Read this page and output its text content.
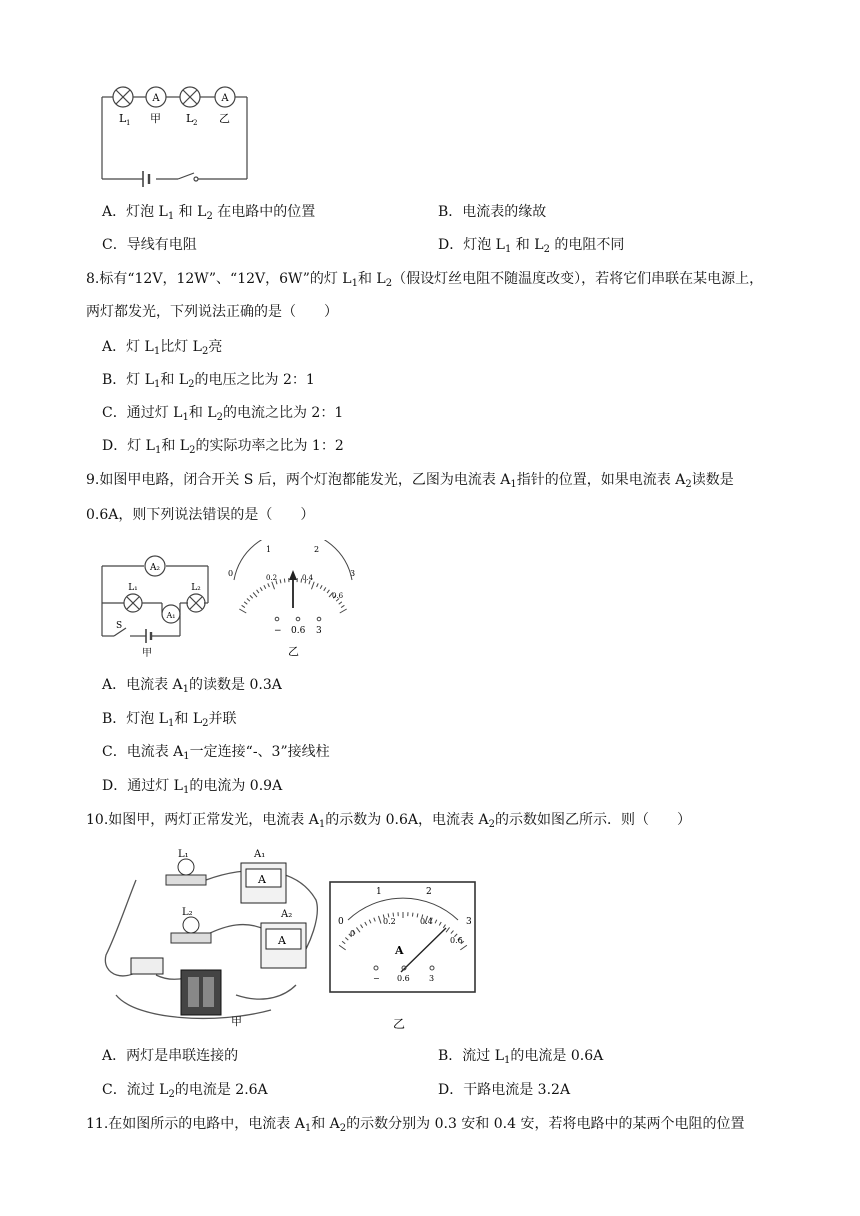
A	A
L 1 甲 L 2 乙
A．灯泡 $L_1$ 和 $L_2$ 在电路中的位置	B．电流表的缘故
C．导线有电阻	D．灯泡 $L_1$ 和 $L_2$ 的电阻不同
8.标有“12V，12W”、“12V，6W”的灯 $L_1$和 $L_2$（假设灯丝电阻不随温度改变），若将它们串联在某电源上，
两灯都发光，下列说法正确的是（　　）
A．灯 $L_1$比灯 $L_2$亮
B．灯 $L_1$和 $L_2$的电压之比为 2：1
C．通过灯 $L_1$和 $L_2$的电流之比为 2：1
D．灯 $L_1$和 $L_2$的实际功率之比为 1：2
9.如图甲电路，闭合开关 S 后，两个灯泡都能发光，乙图为电流表 $A_1$指针的位置，如果电流表 $A_2$读数是
0.6A，则下列说法错误的是（　　）
A₂
L₁	L₂
A₁
S
甲
0
1	2
3
0.2	0.4
0.6
− 0.6 3
乙
A．电流表 $A_1$的读数是 0.3A
B．灯泡 $L_1$和 $L_2$并联
C．电流表 $A_1$一定连接“-、3”接线柱
D．通过灯 $L_1$的电流为 0.9A
10.如图甲，两灯正常发光，电流表 $A_1$的示数为 0.6A，电流表 $A_2$的示数如图乙所示．则（　　）
L₁
L₂
A
A₁
A
A₂
甲
0
1	2
3
0
0.2	0.4
0.6
A
− 0.6 3
乙
A．两灯是串联连接的	B．流过 $L_1$的电流是 0.6A
C．流过 $L_2$的电流是 2.6A	D．干路电流是 3.2A
11.在如图所示的电路中，电流表 $A_1$和 $A_2$的示数分别为 0.3 安和 0.4 安，若将电路中的某两个电阻的位置
